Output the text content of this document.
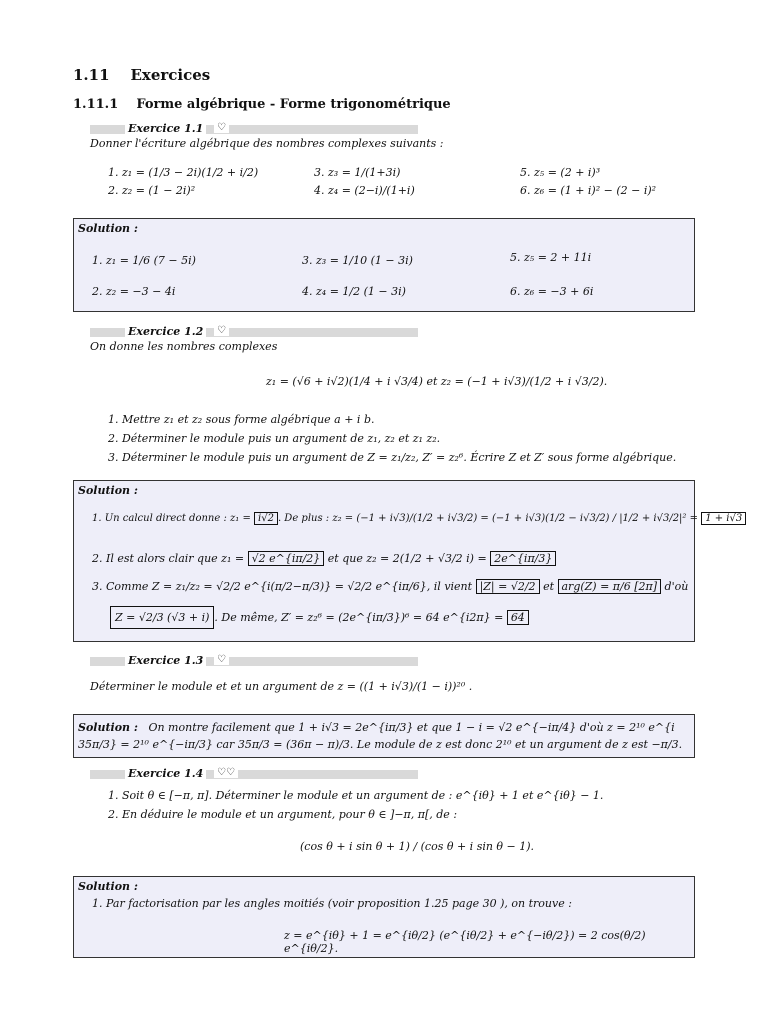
1.11 Exercices
1.11.1 Forme algébrique - Forme trigonométrique
Exercice 1.1	♡
Donner l'écriture algébrique des nombres complexes suivants :
1. z₁ = (1/3 − 2i)(1/2 + i/2)
2. z₂ = (1 − 2i)²
3. z₃ = 1/(1+3i)
4. z₄ = (2−i)/(1+i)
5. z₅ = (2 + i)³
6. z₆ = (1 + i)² − (2 − i)²
Solution :
1. z₁ = 1/6 (7 − 5i)
2. z₂ = −3 − 4i
3. z₃ = 1/10 (1 − 3i)
4. z₄ = 1/2 (1 − 3i)
5. z₅ = 2 + 11i
6. z₆ = −3 + 6i
Exercice 1.2	♡
On donne les nombres complexes
z₁ = (√6 + i√2)(1/4 + i √3/4) et z₂ = (−1 + i√3)/(1/2 + i √3/2).
1. Mettre z₁ et z₂ sous forme algébrique a + i b.
2. Déterminer le module puis un argument de z₁, z₂ et z₁ z₂.
3. Déterminer le module puis un argument de Z = z₁/z₂, Z′ = z₂⁶. Écrire Z et Z′ sous forme algébrique.
Solution :
1. Un calcul direct donne : z₁ = i√2 . De plus : z₂ = (−1 + i√3)/(1/2 + i√3/2) = (−1 + i√3)(1/2 − i√3/2) / |1/2 + i√3/2|² = 1 + i√3
2. Il est alors clair que z₁ = √2 e^{iπ/2} et que z₂ = 2(1/2 + √3/2 i) = 2e^{iπ/3}
3. Comme Z = z₁/z₂ = √2/2 e^{i(π/2−π/3)} = √2/2 e^{iπ/6}, il vient |Z| = √2/2 et arg(Z) = π/6 [2π] d'où
Z = √2/3 (√3 + i) . De même, Z′ = z₂⁶ = (2e^{iπ/3})⁶ = 64 e^{i2π} = 64
Exercice 1.3	♡
Déterminer le module et et un argument de z = ((1 + i√3)/(1 − i))²⁰ .
Solution : On montre facilement que 1 + i√3 = 2e^{iπ/3} et que 1 − i = √2 e^{−iπ/4} d'où z = 2¹⁰ e^{i 35π/3} = 2¹⁰ e^{−iπ/3} car 35π/3 = (36π − π)/3. Le module de z est donc 2¹⁰ et un argument de z est −π/3.
Exercice 1.4	♡♡
1. Soit θ ∈ [−π, π]. Déterminer le module et un argument de : e^{iθ} + 1 et e^{iθ} − 1.
2. En déduire le module et un argument, pour θ ∈ ]−π, π[, de :
(cos θ + i sin θ + 1) / (cos θ + i sin θ − 1).
Solution :
1. Par factorisation par les angles moitiés (voir proposition 1.25 page 30 ), on trouve :
z = e^{iθ} + 1 = e^{iθ/2} (e^{iθ/2} + e^{−iθ/2}) = 2 cos(θ/2) e^{iθ/2}.
